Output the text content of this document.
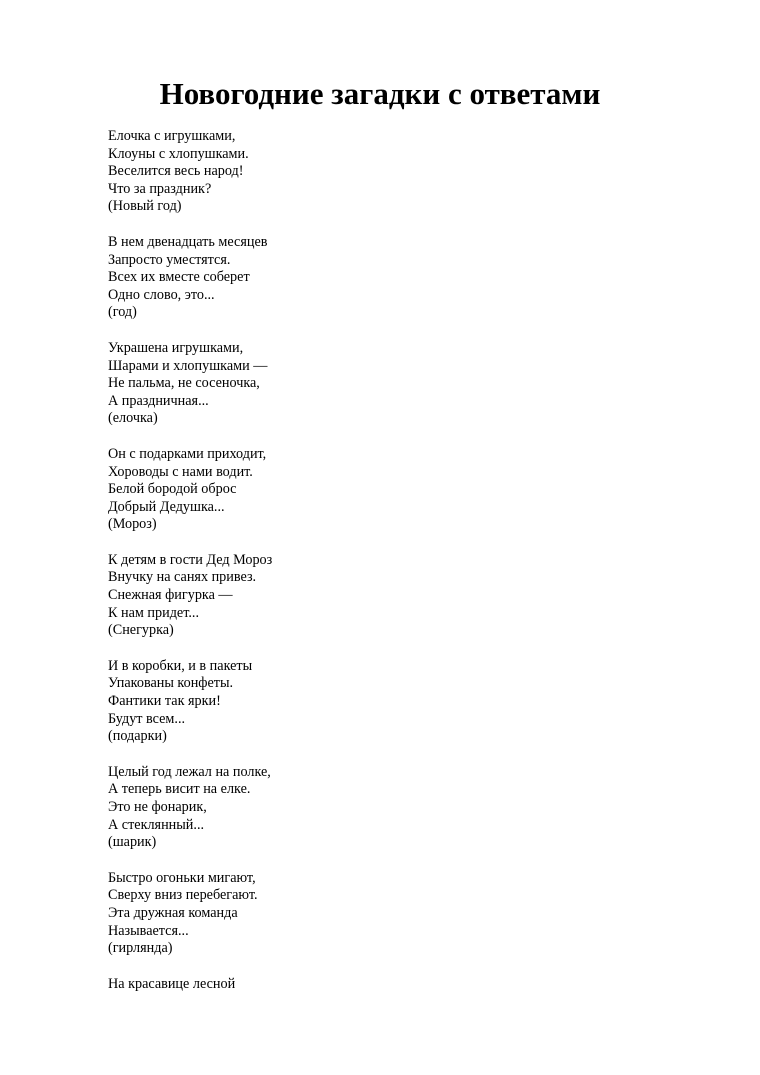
Новогодние загадки с ответами
Елочка с игрушками,
Клоуны с хлопушками.
Веселится весь народ!
Что за праздник?
(Новый год)
В нем двенадцать месяцев
Запросто уместятся.
Всех их вместе соберет
Одно слово, это...
(год)
Украшена игрушками,
Шарами и хлопушками —
Не пальма, не сосеночка,
А праздничная...
(елочка)
Он с подарками приходит,
Хороводы с нами водит.
Белой бородой оброс
Добрый Дедушка...
(Мороз)
К детям в гости Дед Мороз
Внучку на санях привез.
Снежная фигурка —
К нам придет...
(Снегурка)
И в коробки, и в пакеты
Упакованы конфеты.
Фантики так ярки!
Будут всем...
(подарки)
Целый год лежал на полке,
А теперь висит на елке.
Это не фонарик,
А стеклянный...
(шарик)
Быстро огоньки мигают,
Сверху вниз перебегают.
Эта дружная команда
Называется...
(гирлянда)
На красавице лесной
